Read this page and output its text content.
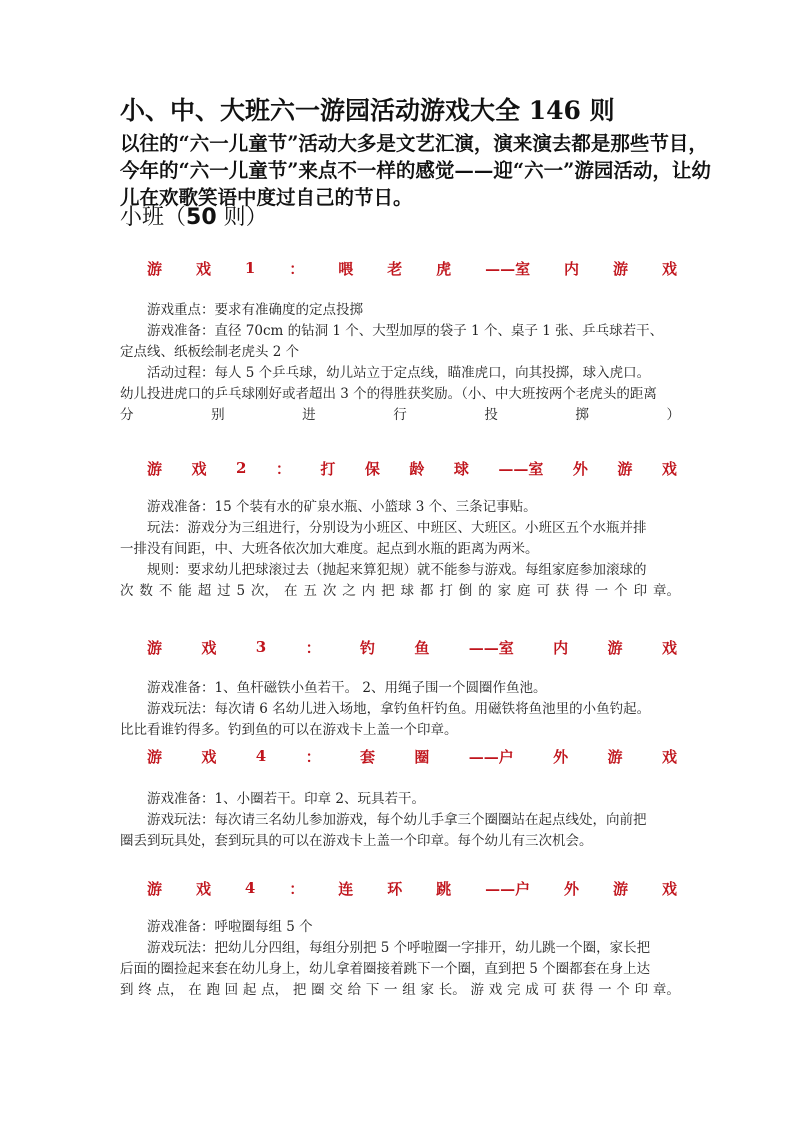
小、中、大班六一游园活动游戏大全 146 则
以往的“六一儿童节”活动大多是文艺汇演，演来演去都是那些节目，
今年的“六一儿童节”来点不一样的感觉——迎“六一”游园活动，让幼
儿在欢歌笑语中度过自己的节日。
小班（50 则）
游 戏 1 ： 喂 老 虎 ——室 内 游 戏
游戏重点：要求有准确度的定点投掷
游戏准备：直径 70cm 的钻洞 1 个、大型加厚的袋子 1 个、桌子 1 张、乒乓球若干、
定点线、纸板绘制老虎头 2 个
活动过程：每人 5 个乒乓球，幼儿站立于定点线，瞄准虎口，向其投掷，球入虎口。
幼儿投进虎口的乒乓球刚好或者超出 3 个的得胜获奖励。（小、中大班按两个老虎头的距离
分	别	进	行	投	掷	）
游 戏 2 ： 打 保 龄 球 ——室 外 游 戏
游戏准备：15 个装有水的矿泉水瓶、小篮球 3 个、三条记事贴。
玩法：游戏分为三组进行，分别设为小班区、中班区、大班区。小班区五个水瓶并排
一排没有间距，中、大班各依次加大难度。起点到水瓶的距离为两米。
规则：要求幼儿把球滚过去（抛起来算犯规）就不能参与游戏。每组家庭参加滚球的
次 数 不 能 超 过 5 次， 在 五 次 之 内 把 球 都 打 倒 的 家 庭 可 获 得 一 个 印 章。
游	戏	3	：	钓	鱼	——室	内	游	戏
游戏准备：1、鱼杆磁铁小鱼若干。 2、用绳子围一个圆圈作鱼池。
游戏玩法：每次请 6 名幼儿进入场地，拿钓鱼杆钓鱼。用磁铁将鱼池里的小鱼钓起。
比比看谁钓得多。钓到鱼的可以在游戏卡上盖一个印章。
游	戏	4	：	套	圈	——户	外	游	戏
游戏准备：1、小圈若干。印章 2、玩具若干。
游戏玩法：每次请三名幼儿参加游戏，每个幼儿手拿三个圈圈站在起点线处，向前把
圈丢到玩具处，套到玩具的可以在游戏卡上盖一个印章。每个幼儿有三次机会。
游 戏 4 ： 连 环 跳 ——户 外 游 戏
游戏准备：呼啦圈每组 5 个
游戏玩法：把幼儿分四组，每组分别把 5 个呼啦圈一字排开，幼儿跳一个圈，家长把
后面的圈捡起来套在幼儿身上，幼儿拿着圈接着跳下一个圈，直到把 5 个圈都套在身上达
到 终 点， 在 跑 回 起 点， 把 圈 交 给 下 一 组 家 长。 游 戏 完 成 可 获 得 一 个 印 章。
